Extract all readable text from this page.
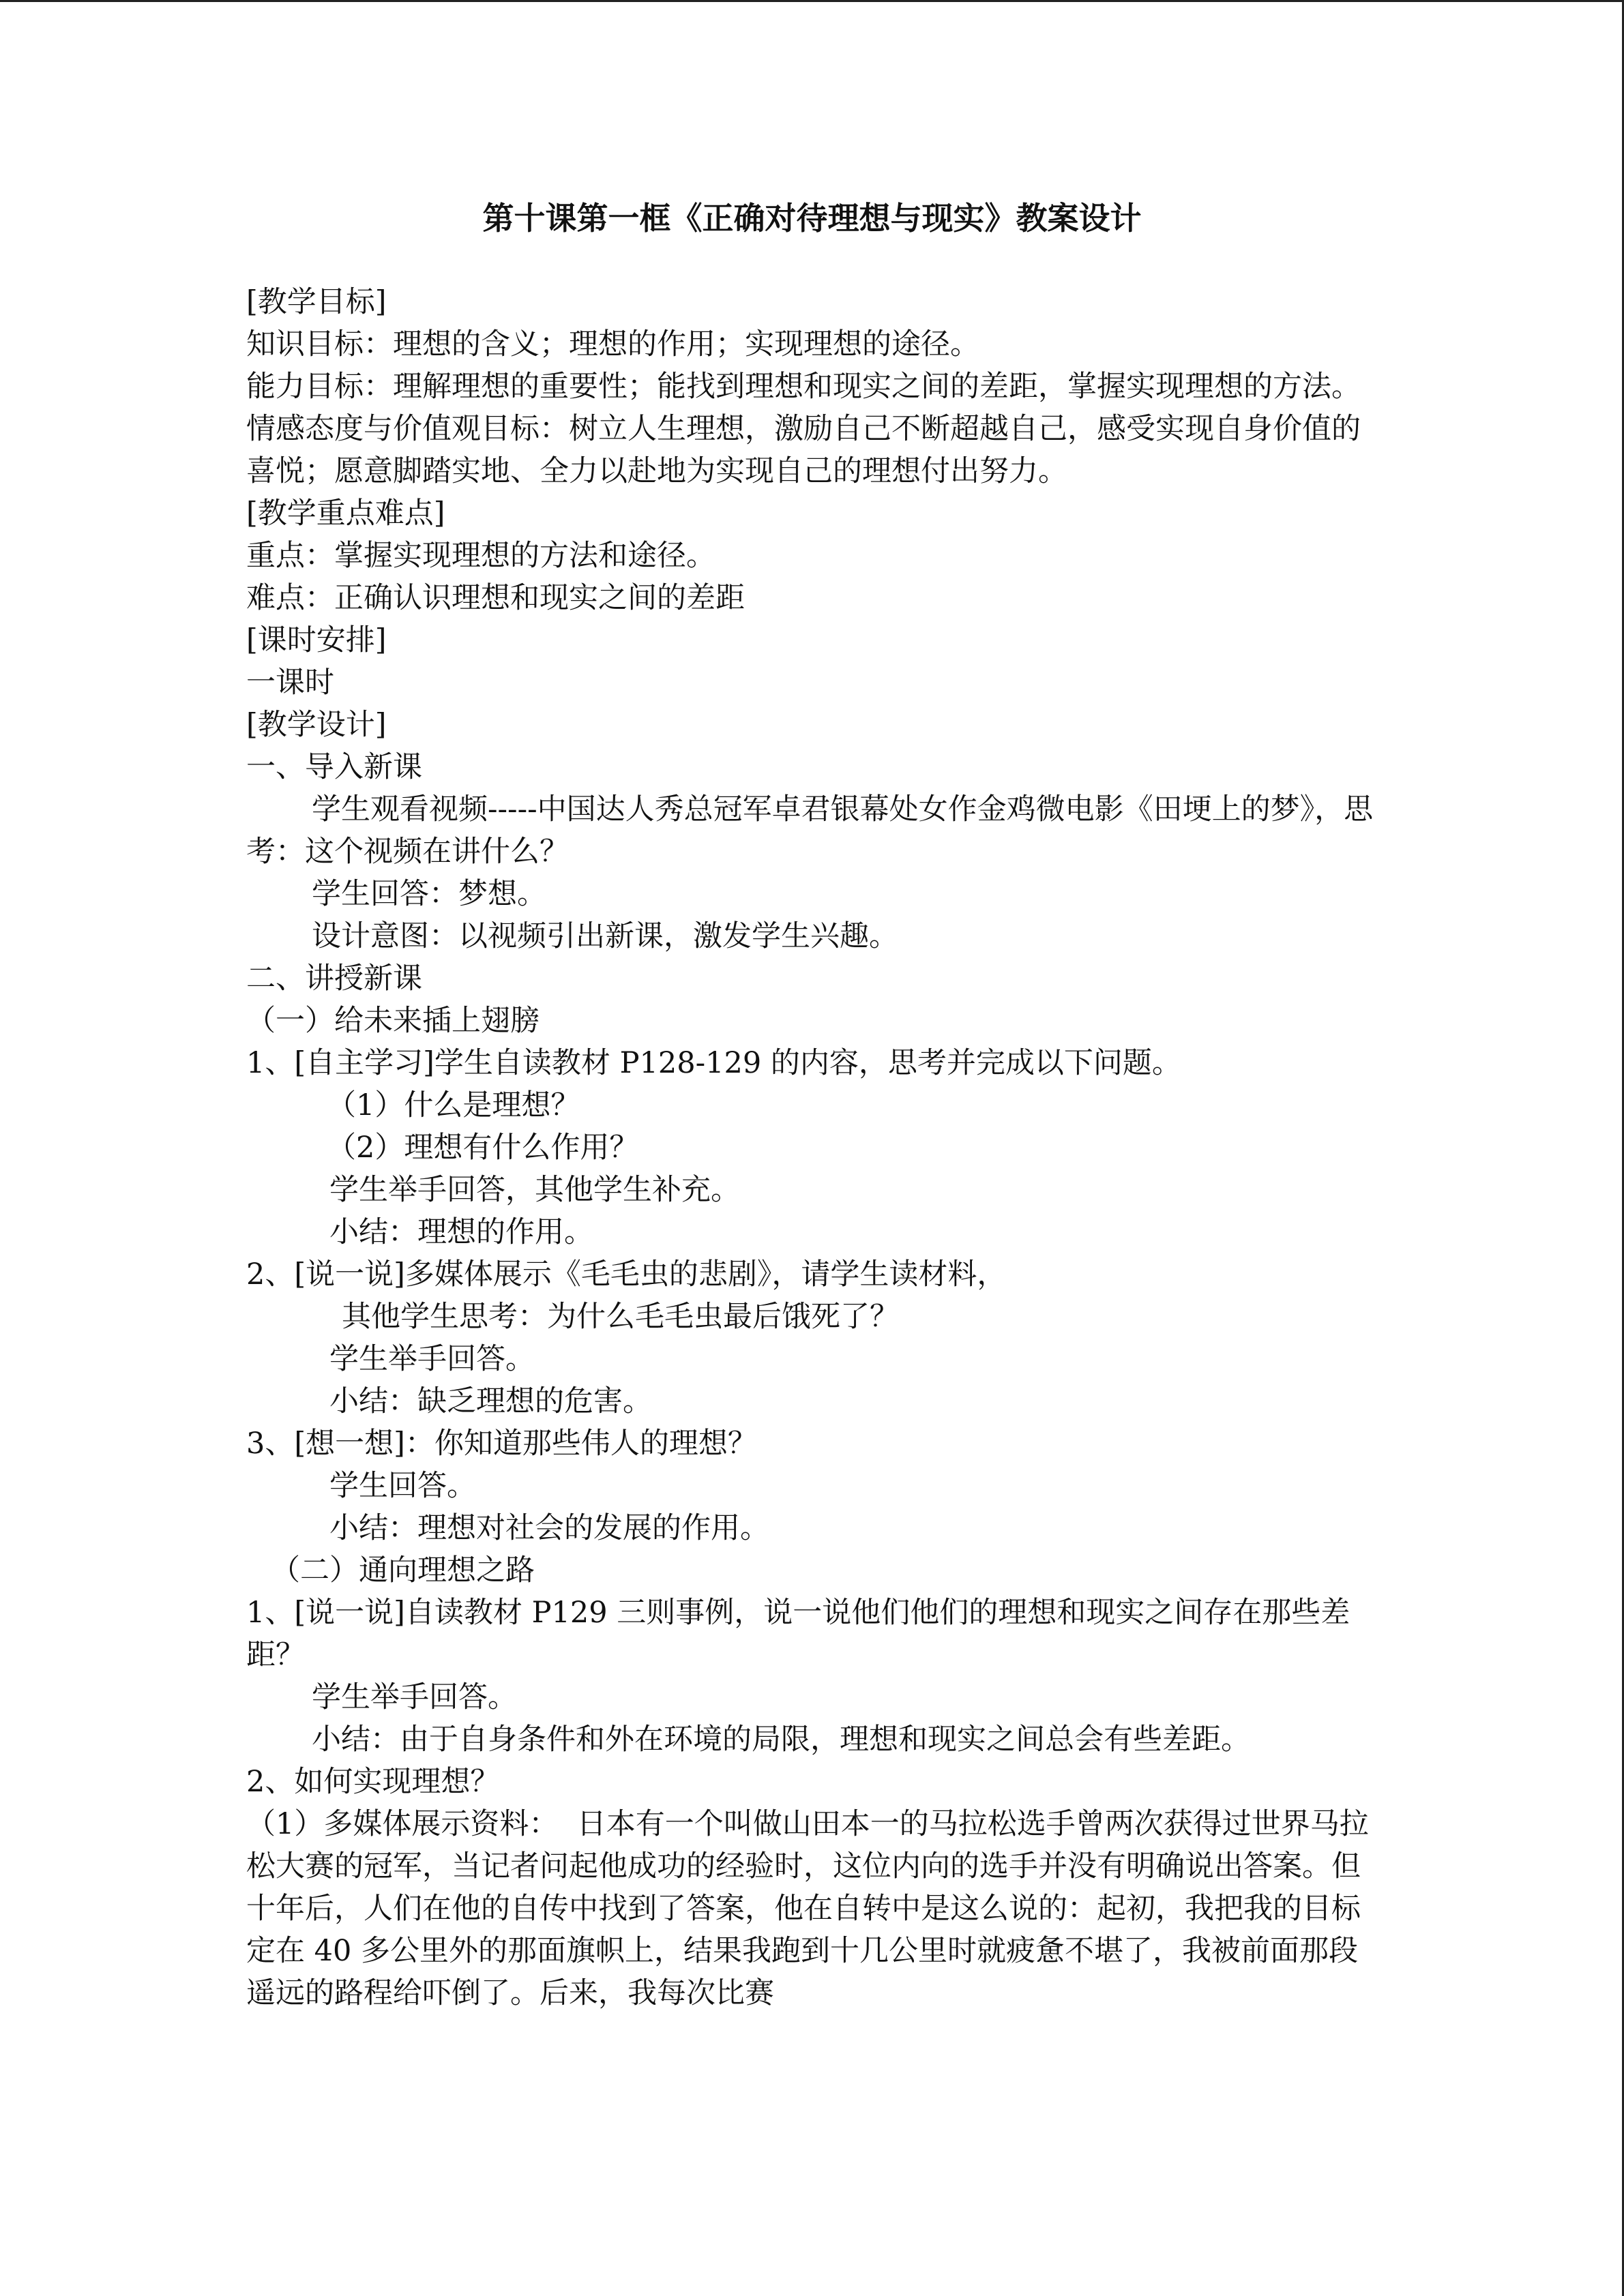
第十课第一框《正确对待理想与现实》教案设计

[教学目标]

知识目标：理想的含义；理想的作用；实现理想的途径。

能力目标：理解理想的重要性；能找到理想和现实之间的差距，掌握实现理想的方法。

情感态度与价值观目标：树立人生理想，激励自己不断超越自己，感受实现自身价值的喜悦；愿意脚踏实地、全力以赴地为实现自己的理想付出努力。

[教学重点难点]

重点：掌握实现理想的方法和途径。

难点：正确认识理想和现实之间的差距

[课时安排]

一课时

[教学设计]

一、导入新课

学生观看视频-----中国达人秀总冠军卓君银幕处女作金鸡微电影《田埂上的梦》，思考：这个视频在讲什么？

学生回答：梦想。

设计意图：以视频引出新课，激发学生兴趣。

二、讲授新课

（一）给未来插上翅膀

1、[自主学习]学生自读教材 P128-129 的内容，思考并完成以下问题。

（1）什么是理想？

（2）理想有什么作用？

学生举手回答，其他学生补充。

小结：理想的作用。

2、[说一说]多媒体展示《毛毛虫的悲剧》，请学生读材料，

其他学生思考：为什么毛毛虫最后饿死了？

学生举手回答。

小结：缺乏理想的危害。

3、[想一想]：你知道那些伟人的理想？

学生回答。

小结：理想对社会的发展的作用。

（二）通向理想之路

1、[说一说]自读教材 P129 三则事例，说一说他们他们的理想和现实之间存在那些差距？

学生举手回答。

小结：由于自身条件和外在环境的局限，理想和现实之间总会有些差距。

2、如何实现理想？

（1）多媒体展示资料：  日本有一个叫做山田本一的马拉松选手曾两次获得过世界马拉松大赛的冠军，当记者问起他成功的经验时，这位内向的选手并没有明确说出答案。但十年后，人们在他的自传中找到了答案，他在自转中是这么说的：起初，我把我的目标定在 40 多公里外的那面旗帜上，结果我跑到十几公里时就疲惫不堪了，我被前面那段遥远的路程给吓倒了。后来，我每次比赛
